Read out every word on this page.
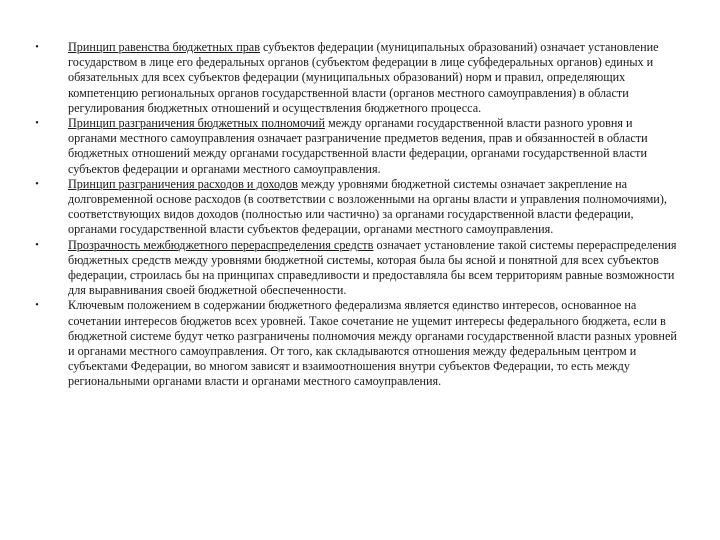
• Принцип равенства бюджетных прав субъектов федерации (муниципальных образований) означает установление государством в лице его федеральных органов (субъектом федерации в лице субфедеральных органов) единых и обязательных для всех субъектов федерации (муниципальных образований) норм и правил, определяющих компетенцию региональных органов государственной власти (органов местного самоуправления) в области регулирования бюджетных отношений и осуществления бюджетного процесса.
• Принцип разграничения бюджетных полномочий между органами государственной власти разного уровня и органами местного самоуправления означает разграничение предметов ведения, прав и обязанностей в области бюджетных отношений между органами государственной власти федерации, органами государственной власти субъектов федерации и органами местного самоуправления.
• Принцип разграничения расходов и доходов между уровнями бюджетной системы означает закрепление на долговременной основе расходов (в соответствии с возложенными на органы власти и управления полномочиями), соответствующих видов доходов (полностью или частично) за органами государственной власти федерации, органами государственной власти субъектов федерации, органами местного самоуправления.
• Прозрачность межбюджетного перераспределения средств означает установление такой системы перераспределения бюджетных средств между уровнями бюджетной системы, которая была бы ясной и понятной для всех субъектов федерации, строилась бы на принципах справедливости и предоставляла бы всем территориям равные возможности для выравнивания своей бюджетной обеспеченности.
• Ключевым положением в содержании бюджетного федерализма является единство интересов, основанное на сочетании интересов бюджетов всех уровней. Такое сочетание не ущемит интересы федерального бюджета, если в бюджетной системе будут четко разграничены полномочия между органами государственной власти разных уровней и органами местного самоуправления. От того, как складываются отношения между федеральным центром и субъектами Федерации, во многом зависят и взаимоотношения внутри субъектов Федерации, то есть между региональными органами власти и органами местного самоуправления.
